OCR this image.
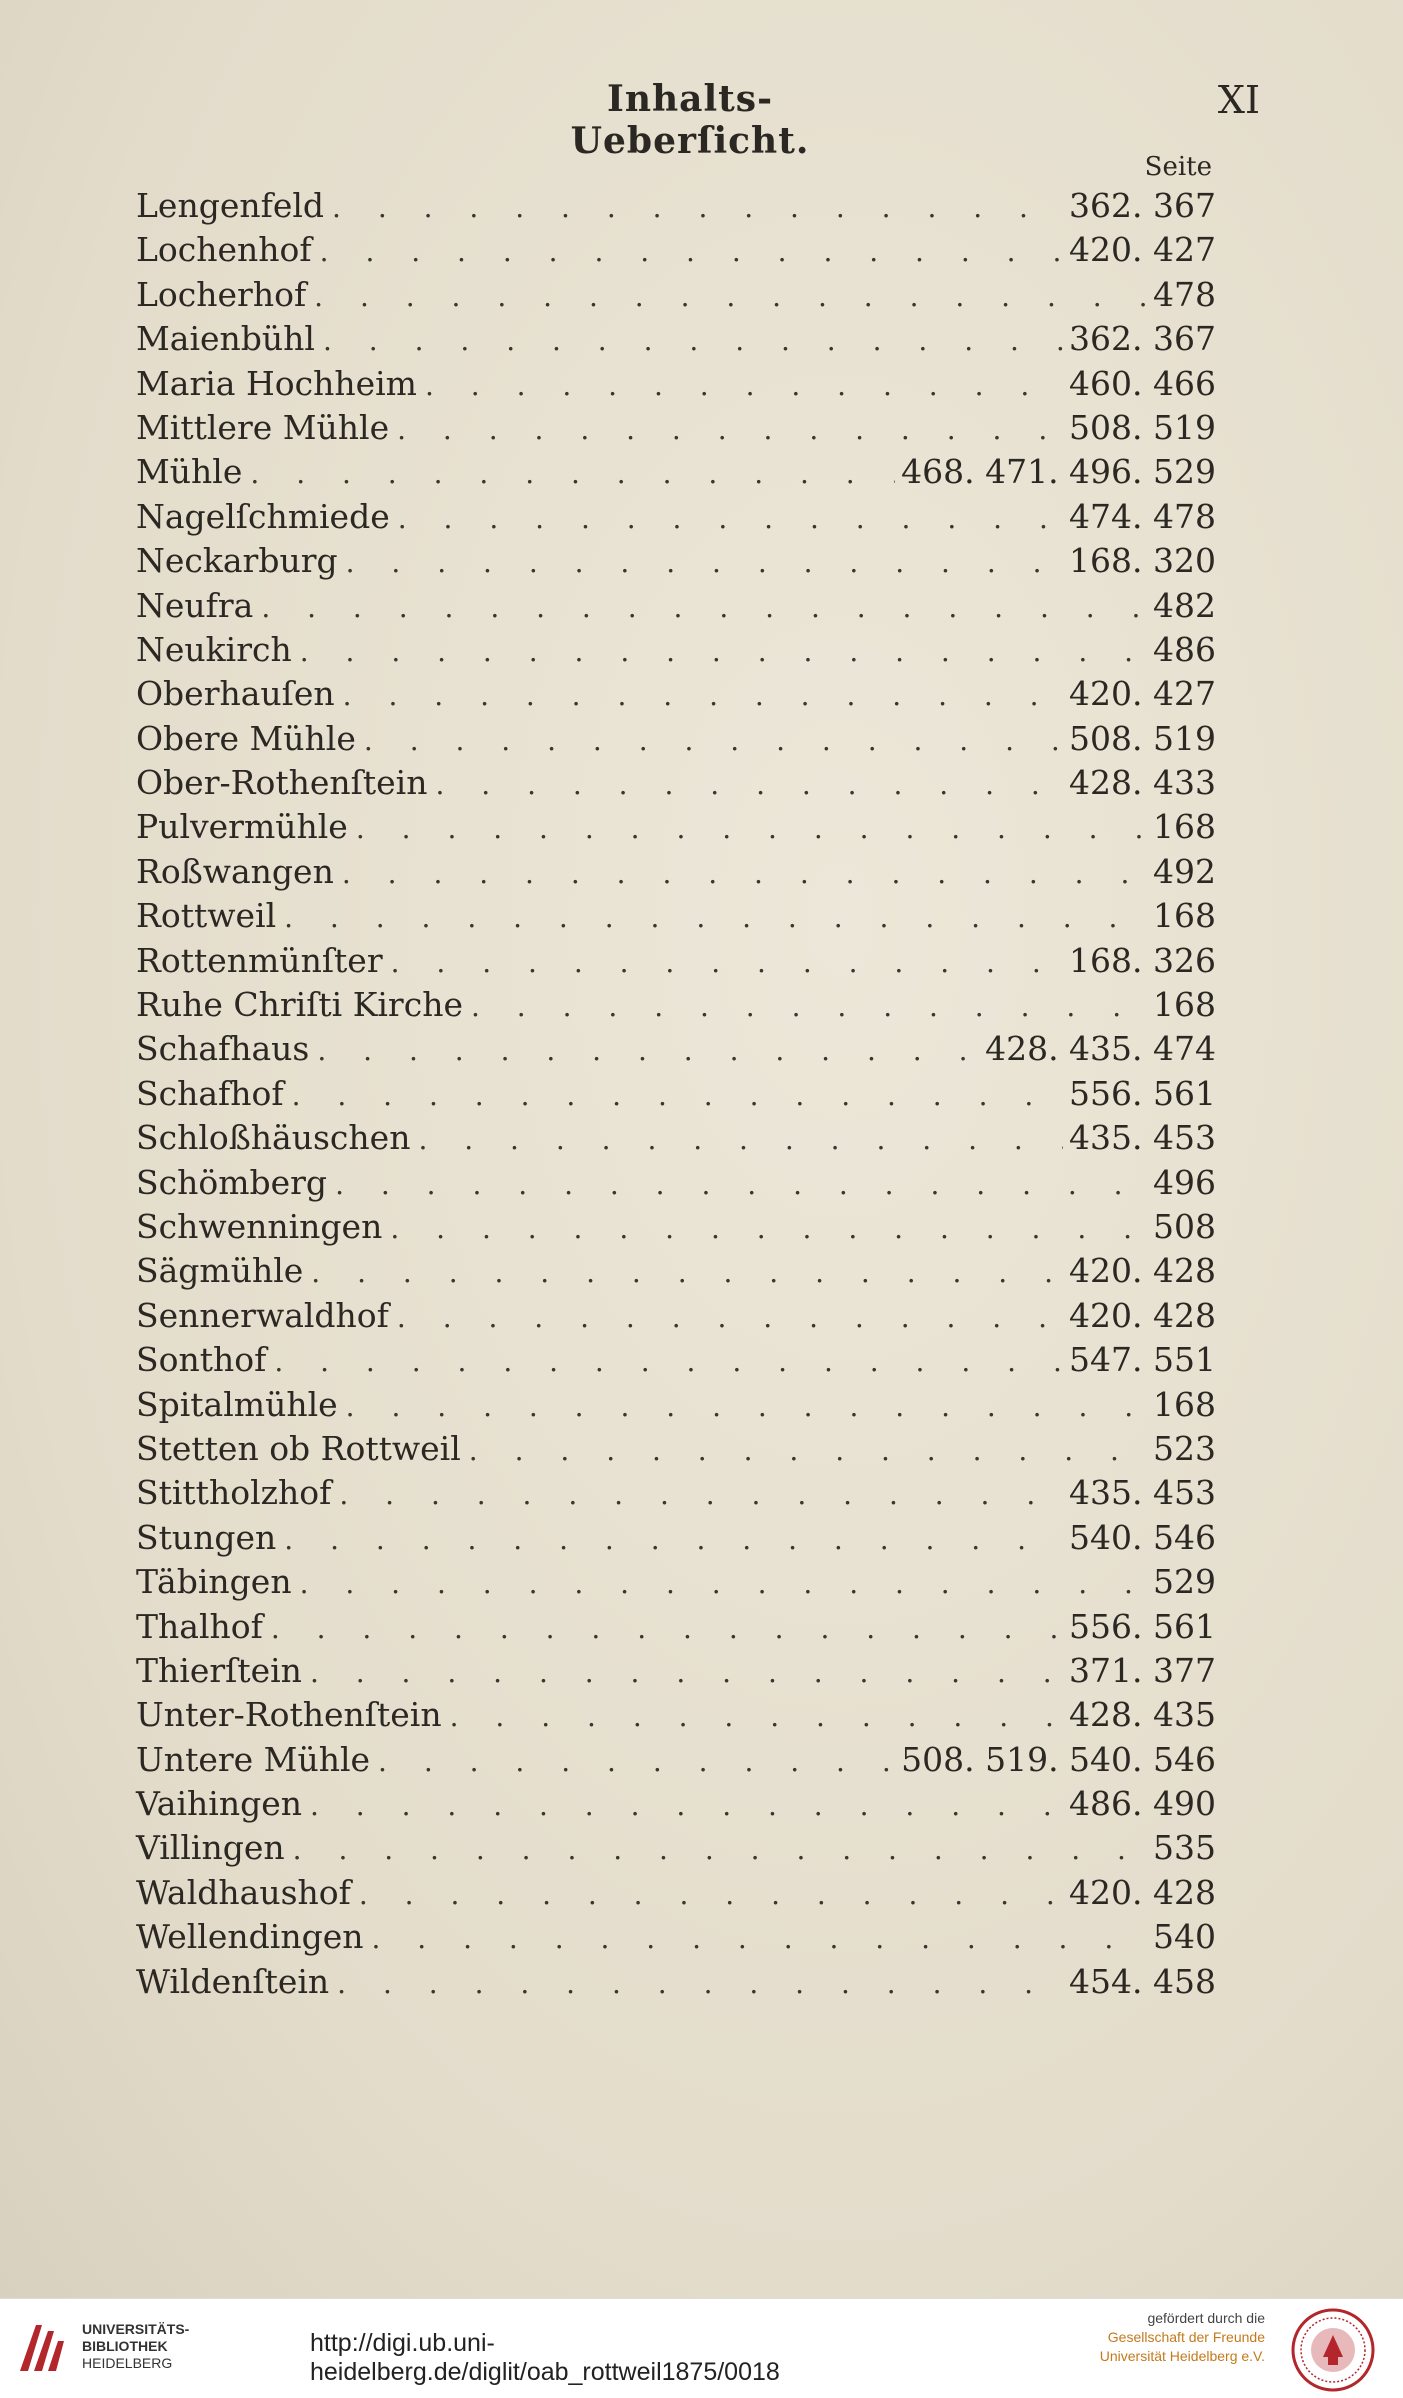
Inhalts-Ueberſicht.
XI
Seite
Lengenfeld . . .	362. 367
Lochenhof . . .	420. 427
Locherhof . . .	478
Maienbühl . . .	362. 367
Maria Hochheim . . .	460. 466
Mittlere Mühle . . .	508. 519
Mühle . . .	468. 471. 496. 529
Nagelſchmiede . . .	474. 478
Neckarburg . . .	168. 320
Neufra . . .	482
Neukirch . . .	486
Oberhauſen . . .	420. 427
Obere Mühle . . .	508. 519
Ober-Rothenſtein . . .	428. 433
Pulvermühle . . .	168
Roßwangen . . .	492
Rottweil . . .	168
Rottenmünſter . . .	168. 326
Ruhe Chriſti Kirche . . .	168
Schafhaus . . .	428. 435. 474
Schafhof . . .	556. 561
Schloßhäuschen . . .	435. 453
Schömberg . . .	496
Schwenningen . . .	508
Sägmühle . . .	420. 428
Sennerwaldhof . . .	420. 428
Sonthof . . .	547. 551
Spitalmühle . . .	168
Stetten ob Rottweil . . .	523
Stittholzhof . . .	435. 453
Stungen . . .	540. 546
Täbingen . . .	529
Thalhof . . .	556. 561
Thierſtein . . .	371. 377
Unter-Rothenſtein . . .	428. 435
Untere Mühle . . .	508. 519. 540. 546
Vaihingen . . .	486. 490
Villingen . . .	535
Waldhaushof . . .	420. 428
Wellendingen . . .	540
Wildenſtein . . .	454. 458
UNIVERSITÄTS-
BIBLIOTHEK
HEIDELBERG
http://digi.ub.uni-heidelberg.de/diglit/oab_rottweil1875/0018
gefördert durch die
Gesellschaft der Freunde
Universität Heidelberg e.V.
